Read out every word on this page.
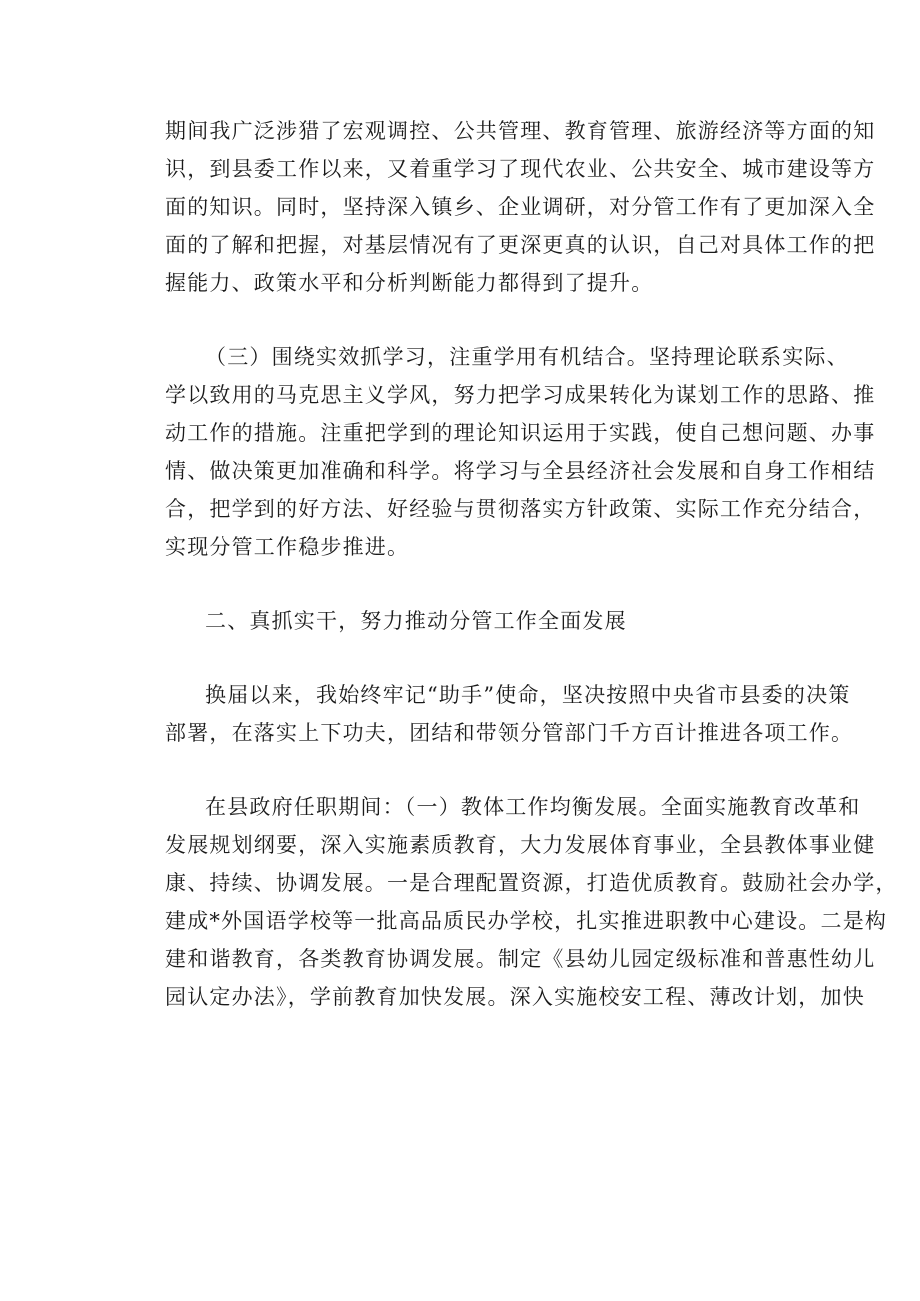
期间我广泛涉猎了宏观调控、公共管理、教育管理、旅游经济等方面的知
识，到县委工作以来，又着重学习了现代农业、公共安全、城市建设等方
面的知识。同时，坚持深入镇乡、企业调研，对分管工作有了更加深入全
面的了解和把握，对基层情况有了更深更真的认识，自己对具体工作的把
握能力、政策水平和分析判断能力都得到了提升。
（三）围绕实效抓学习，注重学用有机结合。坚持理论联系实际、
学以致用的马克思主义学风，努力把学习成果转化为谋划工作的思路、推
动工作的措施。注重把学到的理论知识运用于实践，使自己想问题、办事
情、做决策更加准确和科学。将学习与全县经济社会发展和自身工作相结
合，把学到的好方法、好经验与贯彻落实方针政策、实际工作充分结合，
实现分管工作稳步推进。
二、真抓实干，努力推动分管工作全面发展
换届以来，我始终牢记“助手”使命，坚决按照中央省市县委的决策
部署，在落实上下功夫，团结和带领分管部门千方百计推进各项工作。
在县政府任职期间：（一）教体工作均衡发展。全面实施教育改革和
发展规划纲要，深入实施素质教育，大力发展体育事业，全县教体事业健
康、持续、协调发展。一是合理配置资源，打造优质教育。鼓励社会办学，
建成*外国语学校等一批高品质民办学校，扎实推进职教中心建设。二是构
建和谐教育，各类教育协调发展。制定《县幼儿园定级标准和普惠性幼儿
园认定办法》，学前教育加快发展。深入实施校安工程、薄改计划，加快
